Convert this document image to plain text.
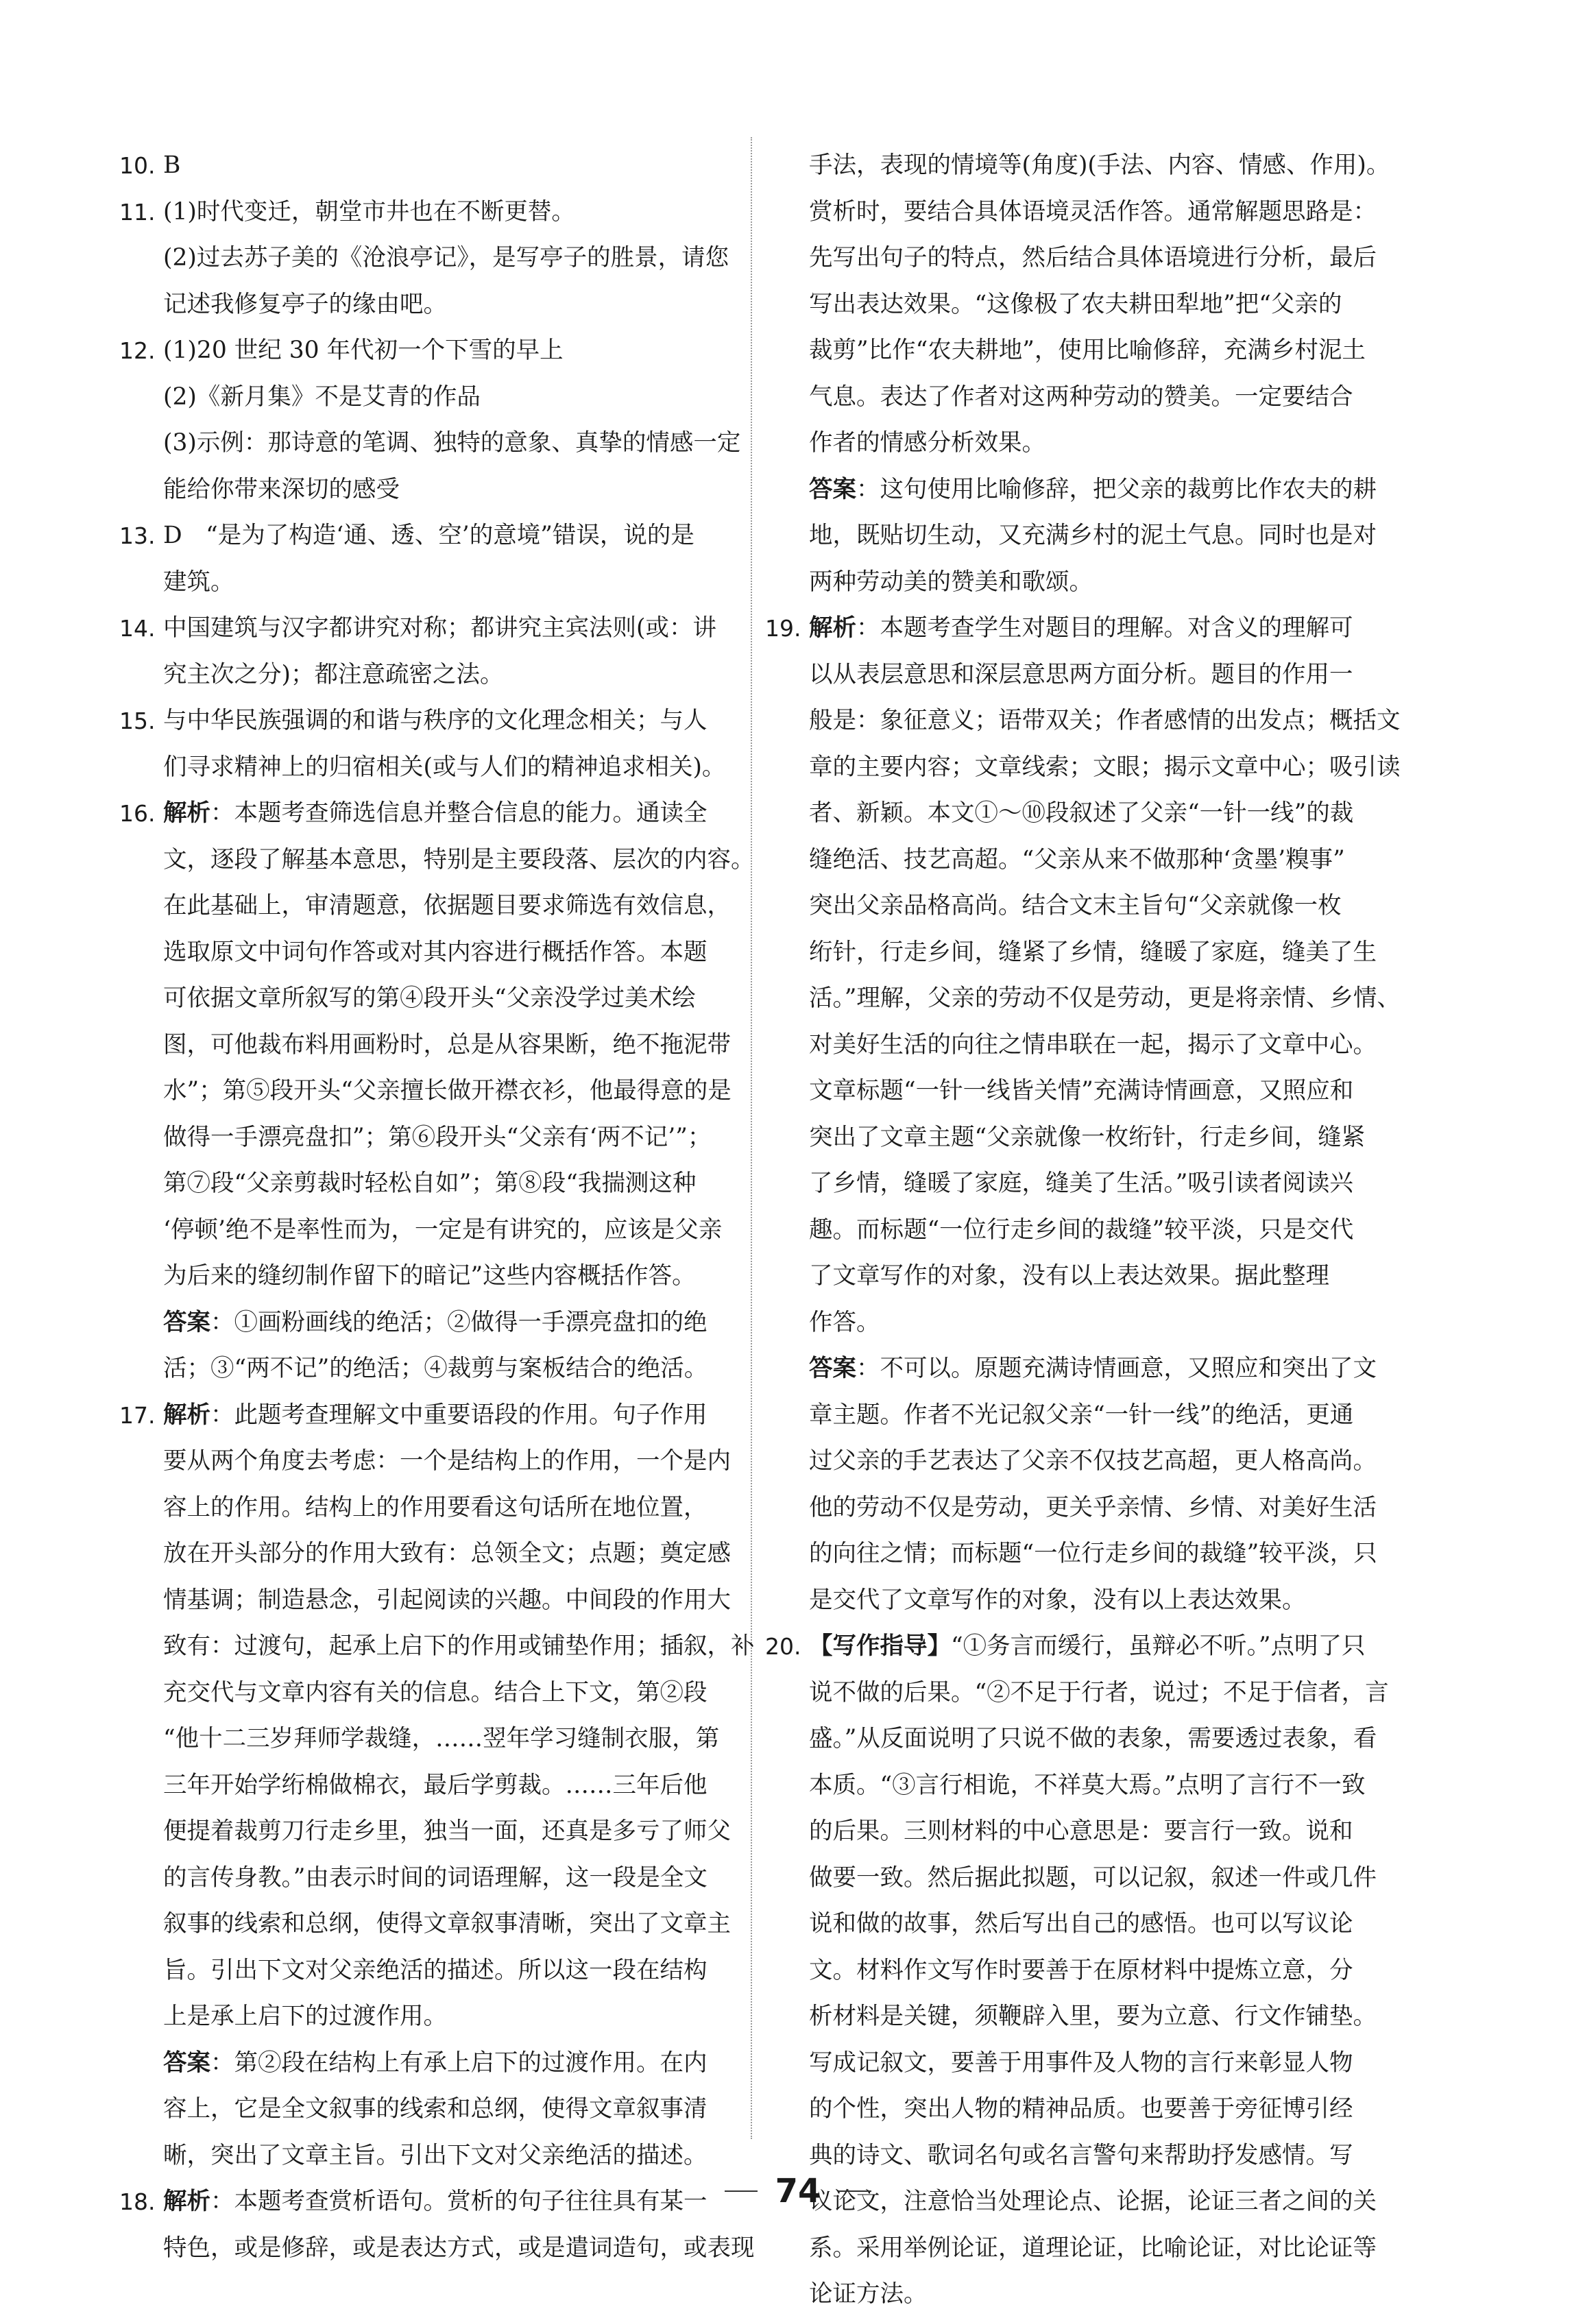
10. B
11. (1)时代变迁，朝堂市井也在不断更替。
(2)过去苏子美的《沧浪亭记》，是写亭子的胜景，请您
记述我修复亭子的缘由吧。
12. (1)20 世纪 30 年代初一个下雪的早上
(2)《新月集》不是艾青的作品
(3)示例：那诗意的笔调、独特的意象、真挚的情感一定
能给你带来深切的感受
13. D　“是为了构造‘通、透、空’的意境”错误，说的是
建筑。
14. 中国建筑与汉字都讲究对称；都讲究主宾法则(或：讲
究主次之分)；都注意疏密之法。
15. 与中华民族强调的和谐与秩序的文化理念相关；与人
们寻求精神上的归宿相关(或与人们的精神追求相关)。
16. 解析：本题考查筛选信息并整合信息的能力。通读全
文，逐段了解基本意思，特别是主要段落、层次的内容。
在此基础上，审清题意，依据题目要求筛选有效信息，
选取原文中词句作答或对其内容进行概括作答。本题
可依据文章所叙写的第④段开头“父亲没学过美术绘
图，可他裁布料用画粉时，总是从容果断，绝不拖泥带
水”；第⑤段开头“父亲擅长做开襟衣衫，他最得意的是
做得一手漂亮盘扣”；第⑥段开头“父亲有‘两不记’”；
第⑦段“父亲剪裁时轻松自如”；第⑧段“我揣测这种
‘停顿’绝不是率性而为，一定是有讲究的，应该是父亲
为后来的缝纫制作留下的暗记”这些内容概括作答。
答案：①画粉画线的绝活；②做得一手漂亮盘扣的绝
活；③“两不记”的绝活；④裁剪与案板结合的绝活。
17. 解析：此题考查理解文中重要语段的作用。句子作用
要从两个角度去考虑：一个是结构上的作用，一个是内
容上的作用。结构上的作用要看这句话所在地位置，
放在开头部分的作用大致有：总领全文；点题；奠定感
情基调；制造悬念，引起阅读的兴趣。中间段的作用大
致有：过渡句，起承上启下的作用或铺垫作用；插叙，补
充交代与文章内容有关的信息。结合上下文，第②段
“他十二三岁拜师学裁缝，……翌年学习缝制衣服，第
三年开始学绗棉做棉衣，最后学剪裁。……三年后他
便提着裁剪刀行走乡里，独当一面，还真是多亏了师父
的言传身教。”由表示时间的词语理解，这一段是全文
叙事的线索和总纲，使得文章叙事清晰，突出了文章主
旨。引出下文对父亲绝活的描述。所以这一段在结构
上是承上启下的过渡作用。
答案：第②段在结构上有承上启下的过渡作用。在内
容上，它是全文叙事的线索和总纲，使得文章叙事清
晰，突出了文章主旨。引出下文对父亲绝活的描述。
18. 解析：本题考查赏析语句。赏析的句子往往具有某一
特色，或是修辞，或是表达方式，或是遣词造句，或表现
手法，表现的情境等(角度)(手法、内容、情感、作用)。
赏析时，要结合具体语境灵活作答。通常解题思路是：
先写出句子的特点，然后结合具体语境进行分析，最后
写出表达效果。“这像极了农夫耕田犁地”把“父亲的
裁剪”比作“农夫耕地”，使用比喻修辞，充满乡村泥土
气息。表达了作者对这两种劳动的赞美。一定要结合
作者的情感分析效果。
答案：这句使用比喻修辞，把父亲的裁剪比作农夫的耕
地，既贴切生动，又充满乡村的泥土气息。同时也是对
两种劳动美的赞美和歌颂。
19. 解析：本题考查学生对题目的理解。对含义的理解可
以从表层意思和深层意思两方面分析。题目的作用一
般是：象征意义；语带双关；作者感情的出发点；概括文
章的主要内容；文章线索；文眼；揭示文章中心；吸引读
者、新颖。本文①～⑩段叙述了父亲“一针一线”的裁
缝绝活、技艺高超。“父亲从来不做那种‘贪墨’糗事”
突出父亲品格高尚。结合文末主旨句“父亲就像一枚
绗针，行走乡间，缝紧了乡情，缝暖了家庭，缝美了生
活。”理解，父亲的劳动不仅是劳动，更是将亲情、乡情、
对美好生活的向往之情串联在一起，揭示了文章中心。
文章标题“一针一线皆关情”充满诗情画意，又照应和
突出了文章主题“父亲就像一枚绗针，行走乡间，缝紧
了乡情，缝暖了家庭，缝美了生活。”吸引读者阅读兴
趣。而标题“一位行走乡间的裁缝”较平淡，只是交代
了文章写作的对象，没有以上表达效果。据此整理
作答。
答案：不可以。原题充满诗情画意，又照应和突出了文
章主题。作者不光记叙父亲“一针一线”的绝活，更通
过父亲的手艺表达了父亲不仅技艺高超，更人格高尚。
他的劳动不仅是劳动，更关乎亲情、乡情、对美好生活
的向往之情；而标题“一位行走乡间的裁缝”较平淡，只
是交代了文章写作的对象，没有以上表达效果。
20. 【写作指导】“①务言而缓行，虽辩必不听。”点明了只
说不做的后果。“②不足于行者，说过；不足于信者，言
盛。”从反面说明了只说不做的表象，需要透过表象，看
本质。“③言行相诡，不祥莫大焉。”点明了言行不一致
的后果。三则材料的中心意思是：要言行一致。说和
做要一致。然后据此拟题，可以记叙，叙述一件或几件
说和做的故事，然后写出自己的感悟。也可以写议论
文。材料作文写作时要善于在原材料中提炼立意，分
析材料是关键，须鞭辟入里，要为立意、行文作铺垫。
写成记叙文，要善于用事件及人物的言行来彰显人物
的个性，突出人物的精神品质。也要善于旁征博引经
典的诗文、歌词名句或名言警句来帮助抒发感情。写
议论文，注意恰当处理论点、论据，论证三者之间的关
系。采用举例论证，道理论证，比喻论证，对比论证等
论证方法。
74
